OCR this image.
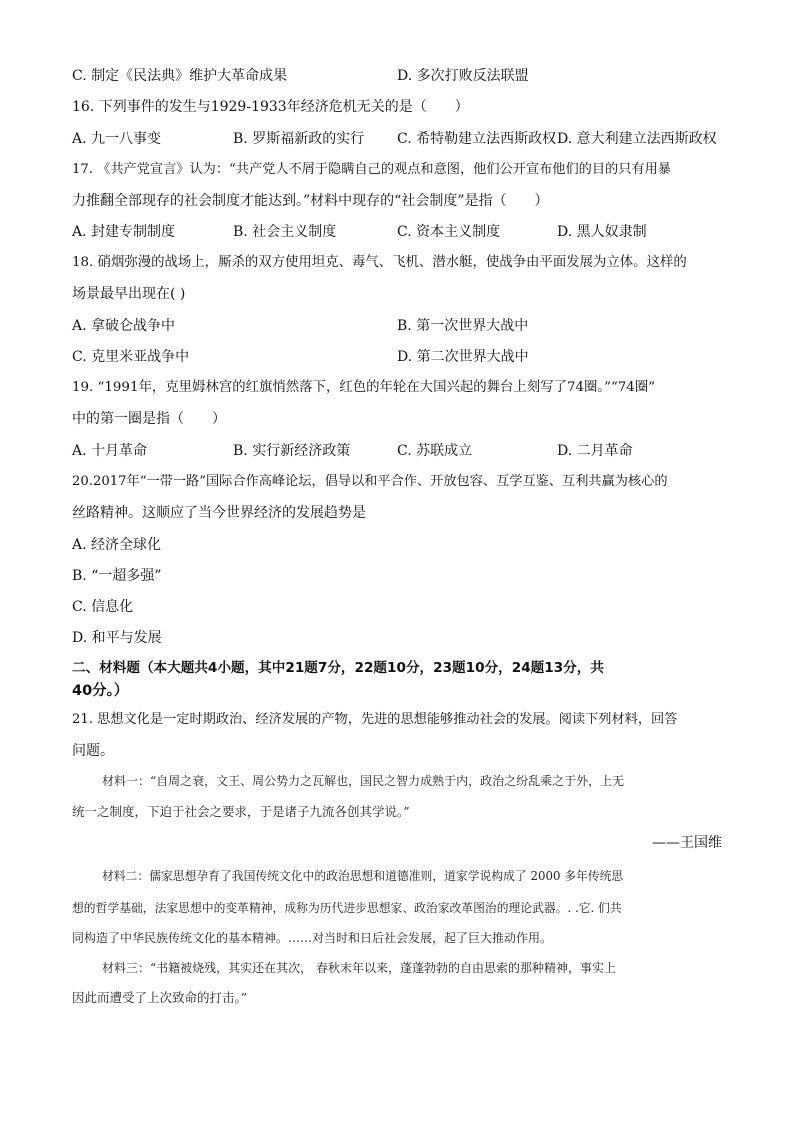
C. 制定《民法典》维护大革命成果	D. 多次打败反法联盟
16. 下列事件的发生与1929-1933年经济危机无关的是（　　）
A. 九一八事变	B. 罗斯福新政的实行 C. 希特勒建立法西斯政权 D. 意大利建立法西斯政权
17. 《共产党宣言》认为：“共产党人不屑于隐瞒自己的观点和意图，他们公开宣布他们的目的只有用暴
力推翻全部现存的社会制度才能达到。”材料中现存的“社会制度”是指（　　）
A. 封建专制制度	B. 社会主义制度	C. 资本主义制度	D. 黑人奴隶制
18. 硝烟弥漫的战场上，厮杀的双方使用坦克、毒气、飞机、潜水艇，使战争由平面发展为立体。这样的
场景最早出现在( )
A. 拿破仑战争中	B. 第一次世界大战中
C. 克里米亚战争中	D. 第二次世界大战中
19. “1991年，克里姆林宫的红旗悄然落下，红色的年轮在大国兴起的舞台上刻写了74圈。”“74圈”
中的第一圈是指（　　）
A. 十月革命	B. 实行新经济政策	C. 苏联成立	D. 二月革命
20.2017年“一带一路”国际合作高峰论坛，倡导以和平合作、开放包容、互学互鉴、互利共赢为核心的
丝路精神。这顺应了当今世界经济的发展趋势是
A. 经济全球化
B. “一超多强”
C. 信息化
D. 和平与发展
二、材料题（本大题共4小题，其中21题7分，22题10分，23题10分，24题13分，共
40分。）
21. 思想文化是一定时期政治、经济发展的产物，先进的思想能够推动社会的发展。阅读下列材料，回答
问题。
材料一：“自周之衰，文王、周公势力之瓦解也，国民之智力成熟于内，政治之纷乱乘之于外，上无
统一之制度，下迫于社会之要求，于是诸子九流各创其学说。”
——王国维
材料二：儒家思想孕育了我国传统文化中的政治思想和道德准则，道家学说构成了 2000 多年传统思
想的哲学基础，法家思想中的变革精神，成称为历代进步思想家、政治家改革图治的理论武器。. .它. 们共
同构造了中华民族传统文化的基本精神。……对当时和日后社会发展，起了巨大推动作用。
材料三：“书籍被烧残，其实还在其次， 春秋末年以来，蓬蓬勃勃的自由思索的那种精神，事实上
因此而遭受了上次致命的打击。”
